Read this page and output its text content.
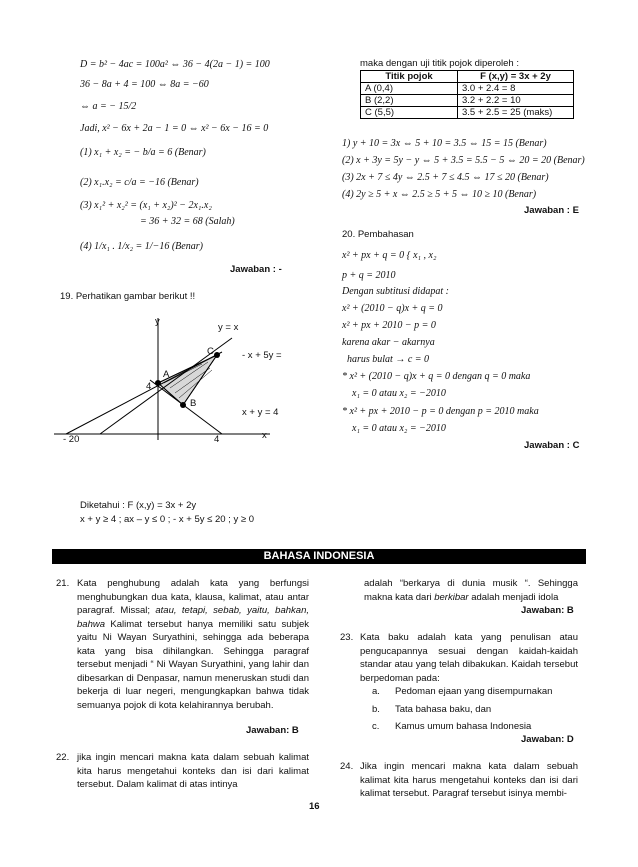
D = b² − 4ac = 100a² ⇔ 36 − 4(2a − 1) = 100
36 − 8a + 4 = 100 ⇔ 8a = −60
⇔ a = − 15/2
Jadi, x² − 6x + 2a − 1 = 0 ⇔ x² − 6x − 16 = 0
(1) x₁ + x₂ = − b/a = 6 (Benar)
(2) x₁.x₂ = c/a = −16 (Benar)
(3) x₁² + x₂² = (x₁ + x₂)² − 2x₁.x₂
= 36 + 32 = 68 (Salah)
(4) 1/x₁ . 1/x₂ = 1/−16 (Benar)
Jawaban : -
19. Perhatikan gambar berikut !!
y
y = x
C	- x + 5y =
A
4
B
x + y = 4
- 20	4	x
Diketahui : F (x,y) = 3x + 2y
x + y ≥ 4 ; ax – y ≤ 0 ; - x + 5y ≤ 20 ; y ≥ 0
maka dengan uji titik pojok diperoleh :
Titik pojok	F (x,y) = 3x + 2y
A (0,4)	3.0 + 2.4 = 8
B (2,2)	3.2 + 2.2 = 10
C (5,5)	3.5 + 2.5 = 25 (maks)
1) y + 10 = 3x ⇔ 5 + 10 = 3.5 ⇔ 15 = 15 (Benar)
(2) x + 3y = 5y − y ⇔ 5 + 3.5 = 5.5 − 5 ⇔ 20 = 20 (Benar)
(3) 2x + 7 ≤ 4y ⇔ 2.5 + 7 ≤ 4.5 ⇔ 17 ≤ 20 (Benar)
(4) 2y ≥ 5 + x ⇔ 2.5 ≥ 5 + 5 ⇔ 10 ≥ 10 (Benar)
Jawaban : E
20. Pembahasan
x² + px + q = 0 { x₁ , x₂
p + q = 2010
Dengan subtitusi didapat :
x² + (2010 − q)x + q = 0
x² + px + 2010 − p = 0
karena akar − akarnya
harus bulat → c = 0
* x² + (2010 − q)x + q = 0 dengan q = 0 maka
x₁ = 0 atau x₂ = −2010
* x² + px + 2010 − p = 0 dengan p = 2010 maka
x₁ = 0 atau x₂ = −2010
Jawaban : C
BAHASA INDONESIA
21. Kata penghubung adalah kata yang berfungsi menghubungkan dua kata, klausa, kalimat, atau antar paragraf. Missal; atau, tetapi, sebab, yaitu, bahkan, bahwa Kalimat tersebut hanya memiliki satu subjek yaitu Ni Wayan Suryathini, sehingga ada beberapa kata yang bisa dihilangkan. Sehingga paragraf tersebut menjadi “ Ni Wayan Suryathini, yang lahir dan dibesarkan di Denpasar, namun meneruskan studi dan bekerja di luar negeri, mengungkapkan bahwa tidak semuanya pojok di kota kelahirannya berubah.
Jawaban: B
22. jika ingin mencari makna kata dalam sebuah kalimat kita harus mengetahui konteks dan isi dari kalimat tersebut. Dalam kalimat di atas intinya
adalah “berkarya di dunia musik “. Sehingga makna kata dari berkibar adalah menjadi idola
Jawaban: B
23. Kata baku adalah kata yang penulisan atau pengucapannya sesuai dengan kaidah-kaidah standar atau yang telah dibakukan. Kaidah tersebut berpedoman pada:
a. Pedoman ejaan yang disempurnakan
b. Tata bahasa baku, dan
c. Kamus umum bahasa Indonesia
Jawaban: D
24. Jika ingin mencari makna kata dalam sebuah kalimat kita harus mengetahui konteks dan isi dari kalimat tersebut. Paragraf tersebut isinya membi-
16
